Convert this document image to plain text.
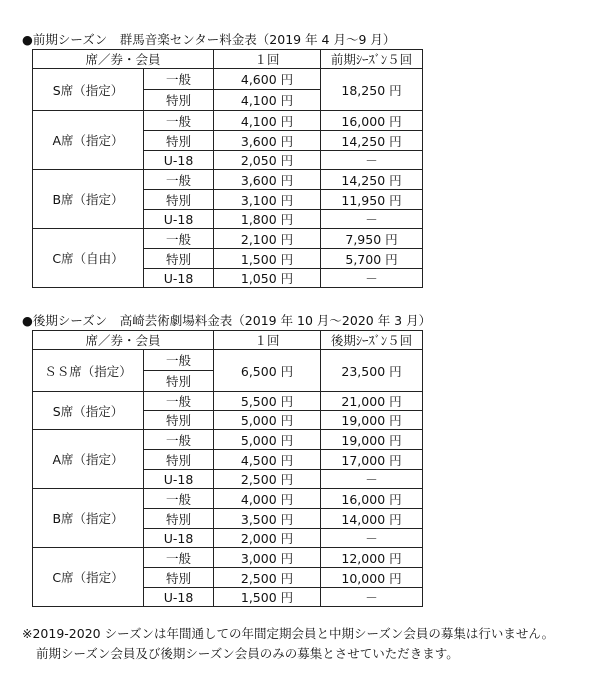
●前期シーズン　群馬音楽センター料金表（2019 年 4 月～9 月）
席／券・会員		１回	前期ｼｰｽﾞﾝ５回
S席（指定）	一般	4,600 円	18,250 円
	特別	4,100 円	
A席（指定）	一般	4,100 円	16,000 円
	特別	3,600 円	14,250 円
	U-18	2,050 円	－
B席（指定）	一般	3,600 円	14,250 円
	特別	3,100 円	11,950 円
	U-18	1,800 円	－
C席（自由）	一般	2,100 円	7,950 円
	特別	1,500 円	5,700 円
	U-18	1,050 円	－
●後期シーズン　高崎芸術劇場料金表（2019 年 10 月～2020 年 3 月）
席／券・会員		１回	後期ｼｰｽﾞﾝ５回
ＳＳ席（指定）	一般	6,500 円	23,500 円
	特別		
S席（指定）	一般	5,500 円	21,000 円
	特別	5,000 円	19,000 円
A席（指定）	一般	5,000 円	19,000 円
	特別	4,500 円	17,000 円
	U-18	2,500 円	－
B席（指定）	一般	4,000 円	16,000 円
	特別	3,500 円	14,000 円
	U-18	2,000 円	－
C席（指定）	一般	3,000 円	12,000 円
	特別	2,500 円	10,000 円
	U-18	1,500 円	－
※2019-2020 シーズンは年間通しての年間定期会員と中期シーズン会員の募集は行いません。
前期シーズン会員及び後期シーズン会員のみの募集とさせていただきます。
